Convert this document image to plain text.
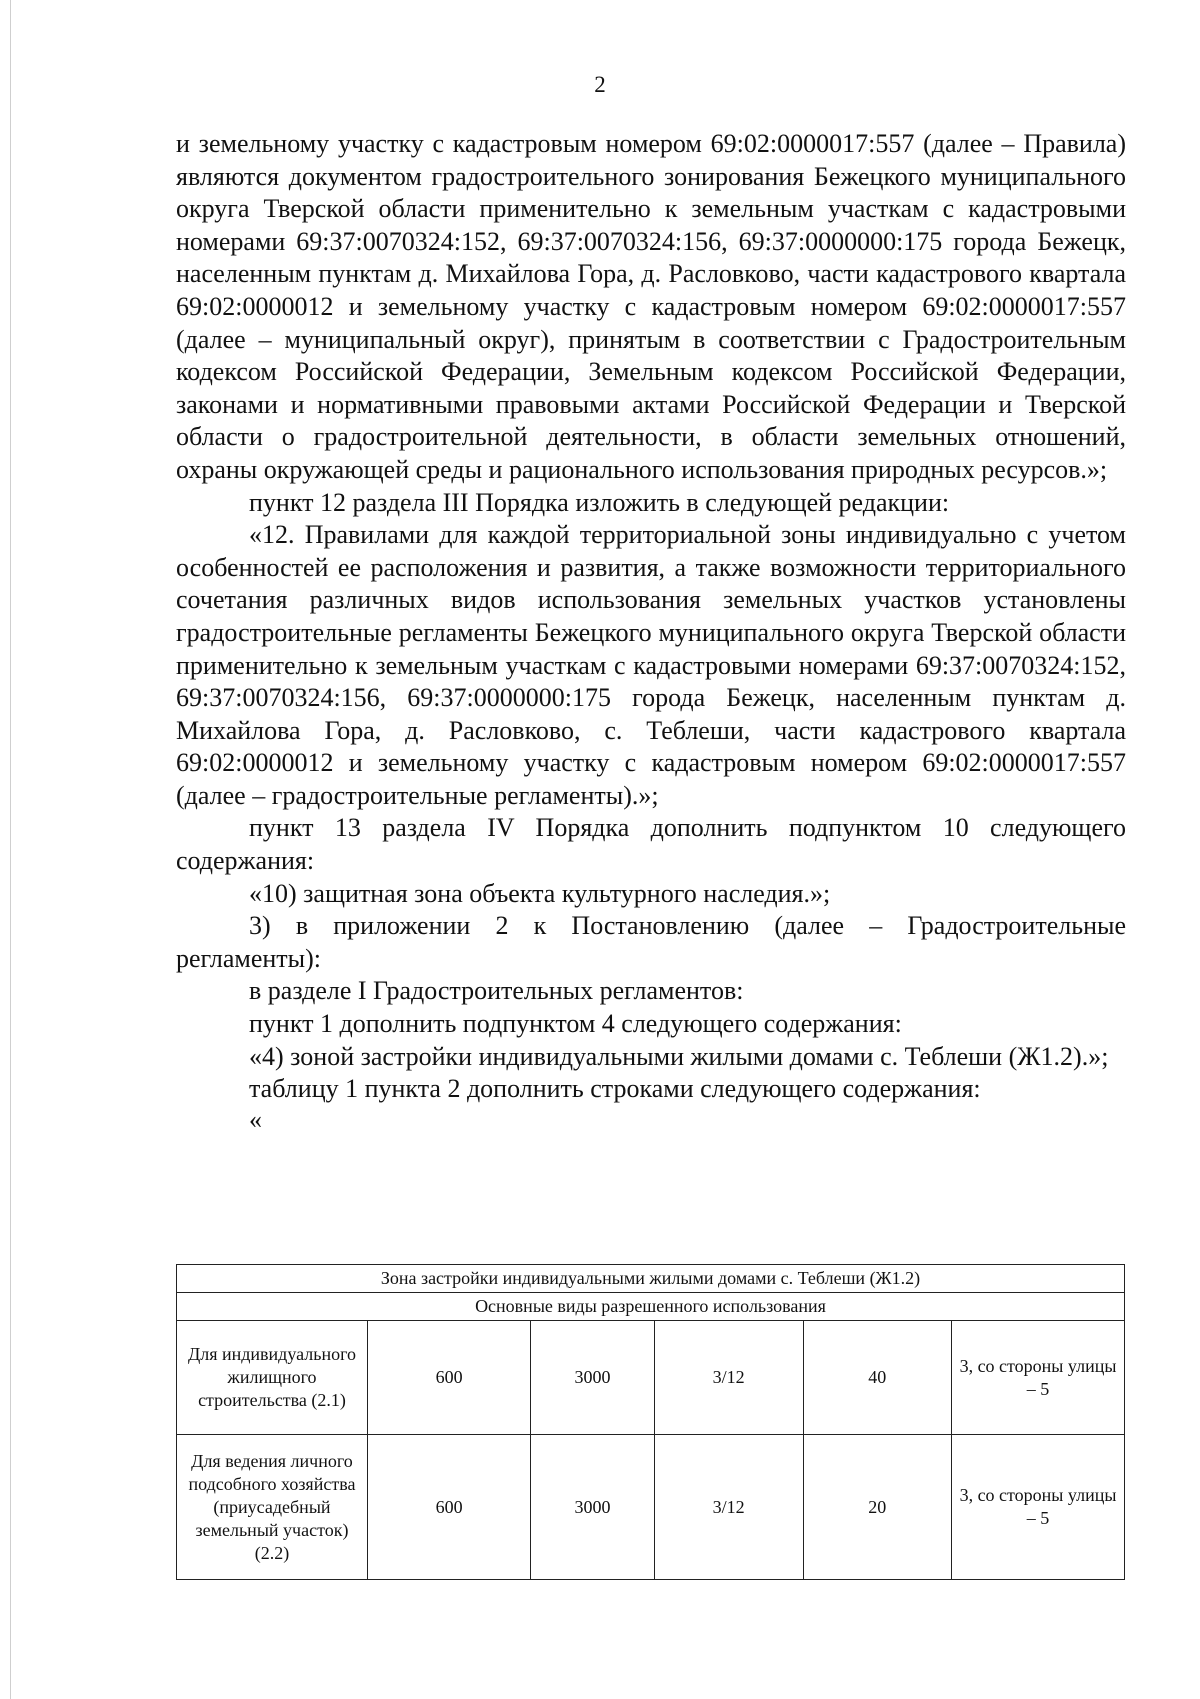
2

и земельному участку с кадастровым номером 69:02:0000017:557 (далее – Правила) являются документом градостроительного зонирования Бежецкого муниципального округа Тверской области применительно к земельным участкам с кадастровыми номерами 69:37:0070324:152, 69:37:0070324:156, 69:37:0000000:175 города Бежецк, населенным пунктам д. Михайлова Гора, д. Расловково, части кадастрового квартала 69:02:0000012 и земельному участку с кадастровым номером 69:02:0000017:557 (далее – муниципальный округ), принятым в соответствии с Градостроительным кодексом Российской Федерации, Земельным кодексом Российской Федерации, законами и нормативными правовыми актами Российской Федерации и Тверской области о градостроительной деятельности, в области земельных отношений, охраны окружающей среды и рационального использования природных ресурсов.»;

пункт 12 раздела III Порядка изложить в следующей редакции:

«12. Правилами для каждой территориальной зоны индивидуально с учетом особенностей ее расположения и развития, а также возможности территориального сочетания различных видов использования земельных участков установлены градостроительные регламенты Бежецкого муниципального округа Тверской области применительно к земельным участкам с кадастровыми номерами 69:37:0070324:152, 69:37:0070324:156, 69:37:0000000:175 города Бежецк, населенным пунктам д. Михайлова Гора, д. Расловково, с. Теблеши, части кадастрового квартала 69:02:0000012 и земельному участку с кадастровым номером 69:02:0000017:557 (далее – градостроительные регламенты).»;

пункт 13 раздела IV Порядка дополнить подпунктом 10 следующего содержания:

«10) защитная зона объекта культурного наследия.»;

3) в приложении 2 к Постановлению (далее – Градостроительные регламенты):

в разделе I Градостроительных регламентов:

пункт 1 дополнить подпунктом 4 следующего содержания:

«4) зоной застройки индивидуальными жилыми домами с. Теблеши (Ж1.2).»;

таблицу 1 пункта 2 дополнить строками следующего содержания:

«

Зона застройки индивидуальными жилыми домами с. Теблеши (Ж1.2)					
Основные виды разрешенного использования					
Для индивидуального жилищного строительства (2.1)	600	3000	3/12	40	3, со стороны улицы – 5
Для ведения личного подсобного хозяйства (приусадебный земельный участок) (2.2)	600	3000	3/12	20	3, со стороны улицы – 5
